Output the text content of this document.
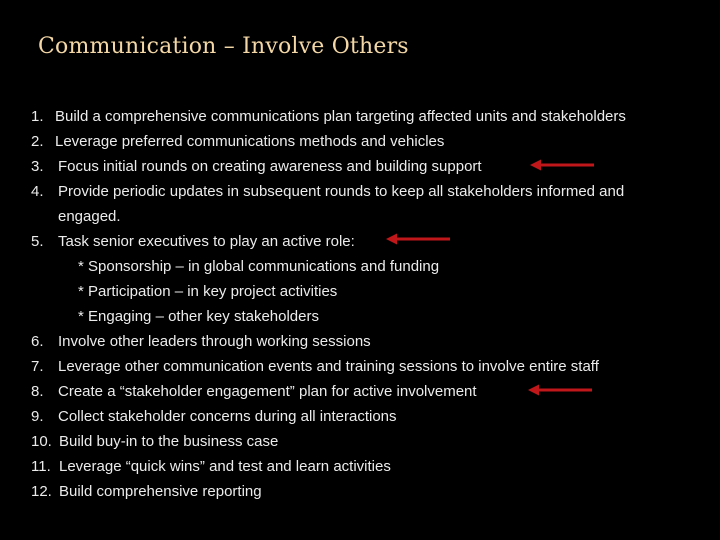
Communication – Involve Others
1. Build a comprehensive communications plan targeting affected units and stakeholders
2. Leverage preferred communications methods and vehicles
3. Focus initial rounds on creating awareness and building support
4. Provide periodic updates in subsequent rounds to keep all stakeholders informed and
engaged.
5. Task senior executives to play an active role:
* Sponsorship – in global communications and funding
* Participation – in key project activities
* Engaging – other key stakeholders
6. Involve other leaders through working sessions
7. Leverage other communication events and training sessions to involve entire staff
8. Create a “stakeholder engagement” plan for active involvement
9. Collect stakeholder concerns during all interactions
10. Build buy-in to the business case
11. Leverage “quick wins” and test and learn activities
12. Build comprehensive reporting
